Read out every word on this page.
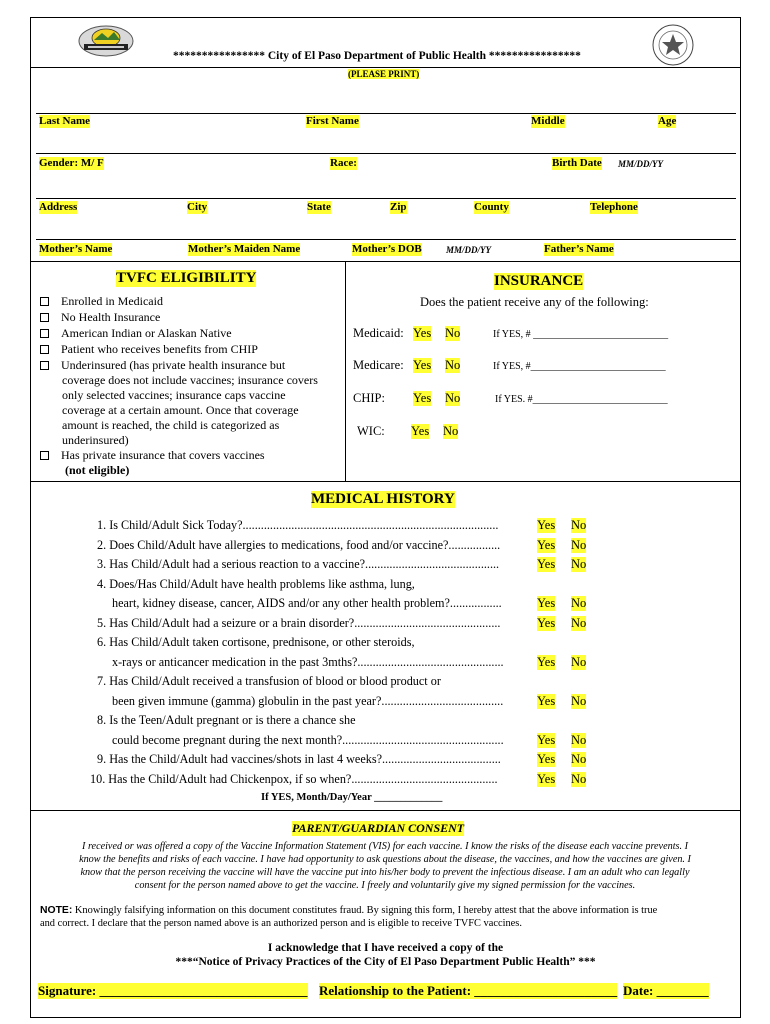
**************** City of El Paso Department of Public Health ****************
(PLEASE PRINT)
Last Name	First Name	Middle	Age
Gender: M/ F	Race:	Birth Date MM/DD/YY
Address	City	State	Zip	County	Telephone
Mother’s Name	Mother’s Maiden Name	Mother’s DOB	MM/DD/YY	Father’s Name
TVFC ELIGIBILITY
Enrolled in Medicaid
No Health Insurance
American Indian or Alaskan Native
Patient who receives benefits from CHIP
Underinsured (has private health insurance but
coverage does not include vaccines; insurance covers
only selected vaccines; insurance caps vaccine
coverage at a certain amount. Once that coverage
amount is reached, the child is categorized as
underinsured)
Has private insurance that covers vaccines
(not eligible)
INSURANCE
Does the patient receive any of the following:
Medicaid: Yes No	If YES, # ___________________________
Medicare: Yes No	If YES, #___________________________
CHIP: Yes No	If YES. #___________________________
WIC: Yes No
MEDICAL HISTORY
1. Is Child/Adult Sick Today?....................................................................................	Yes No
2. Does Child/Adult have allergies to medications, food and/or vaccine?.................	Yes No
3. Has Child/Adult had a serious reaction to a vaccine?............................................	Yes No
4. Does/Has Child/Adult have health problems like asthma, lung,
heart, kidney disease, cancer, AIDS and/or any other health problem?.................	Yes No
5. Has Child/Adult had a seizure or a brain disorder?................................................	Yes No
6. Has Child/Adult taken cortisone, prednisone, or other steroids,
x-rays or anticancer medication in the past 3mths?................................................	Yes No
7. Has Child/Adult received a transfusion of blood or blood product or
been given immune (gamma) globulin in the past year?........................................	Yes No
8. Is the Teen/Adult pregnant or is there a chance she
could become pregnant during the next month?.....................................................	Yes No
9. Has the Child/Adult had vaccines/shots in last 4 weeks?.......................................	Yes No
10. Has the Child/Adult had Chickenpox, if so when?................................................	Yes No
If YES, Month/Day/Year _____________
PARENT/GUARDIAN CONSENT
I received or was offered a copy of the Vaccine Information Statement (VIS) for each vaccine. I know the risks of the disease each vaccine prevents. I
know the benefits and risks of each vaccine. I have had opportunity to ask questions about the disease, the vaccines, and how the vaccines are given. I
know that the person receiving the vaccine will have the vaccine put into his/her body to prevent the infectious disease. I am an adult who can legally
consent for the person named above to get the vaccine. I freely and voluntarily give my signed permission for the vaccines.
NOTE: Knowingly falsifying information on this document constitutes fraud. By signing this form, I hereby attest that the above information is true
and correct. I declare that the person named above is an authorized person and is eligible to receive TVFC vaccines.
I acknowledge that I have received a copy of the
***“Notice of Privacy Practices of the City of El Paso Department Public Health” ***
Signature: ________________________________ Relationship to the Patient: ______________________ Date: ________
